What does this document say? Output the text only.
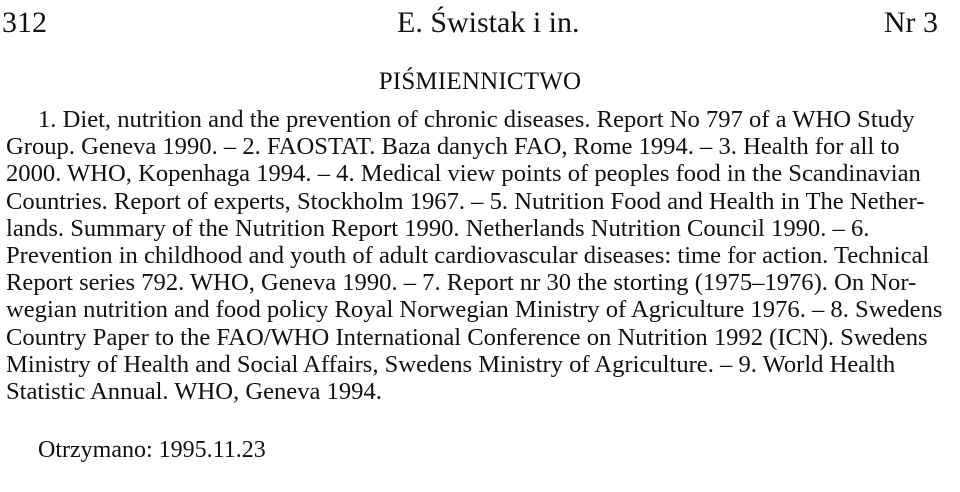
312	E. Świstak i in.	Nr 3
PIŚMIENNICTWO
1. Diet, nutrition and the prevention of chronic diseases. Report No 797 of a WHO Study
Group. Geneva 1990. – 2. FAOSTAT. Baza danych FAO, Rome 1994. – 3. Health for all to
2000. WHO, Kopenhaga 1994. – 4. Medical view points of peoples food in the Scandinavian
Countries. Report of experts, Stockholm 1967. – 5. Nutrition Food and Health in The Nether-
lands. Summary of the Nutrition Report 1990. Netherlands Nutrition Council 1990. – 6.
Prevention in childhood and youth of adult cardiovascular diseases: time for action. Technical
Report series 792. WHO, Geneva 1990. – 7. Report nr 30 the storting (1975–1976). On Nor-
wegian nutrition and food policy Royal Norwegian Ministry of Agriculture 1976. – 8. Swedens
Country Paper to the FAO/WHO International Conference on Nutrition 1992 (ICN). Swedens
Ministry of Health and Social Affairs, Swedens Ministry of Agriculture. – 9. World Health
Statistic Annual. WHO, Geneva 1994.
Otrzymano: 1995.11.23
